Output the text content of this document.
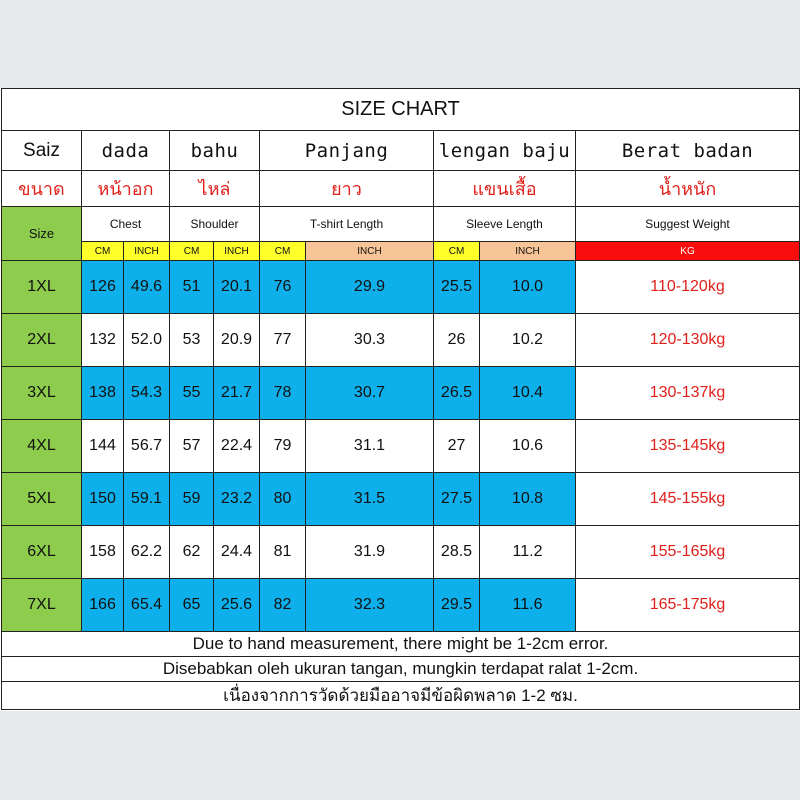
SIZE CHART									
Saiz	dada		bahu		Panjang		lengan baju		Berat badan
ขนาด	หน้าอก		ไหล่		ยาว		แขนเสื้อ		น้ำหนัก
Size	Chest		Shoulder		T-shirt Length		Sleeve Length		Suggest Weight
	CM	INCH	CM	INCH	CM	INCH	CM	INCH	KG
1XL	126	49.6	51	20.1	76	29.9	25.5	10.0	110-120kg
2XL	132	52.0	53	20.9	77	30.3	26	10.2	120-130kg
3XL	138	54.3	55	21.7	78	30.7	26.5	10.4	130-137kg
4XL	144	56.7	57	22.4	79	31.1	27	10.6	135-145kg
5XL	150	59.1	59	23.2	80	31.5	27.5	10.8	145-155kg
6XL	158	62.2	62	24.4	81	31.9	28.5	11.2	155-165kg
7XL	166	65.4	65	25.6	82	32.3	29.5	11.6	165-175kg
Due to hand measurement, there might be 1-2cm error.									
Disebabkan oleh ukuran tangan, mungkin terdapat ralat 1-2cm.									
เนื่องจากการวัดด้วยมืออาจมีข้อผิดพลาด 1-2 ซม.									
